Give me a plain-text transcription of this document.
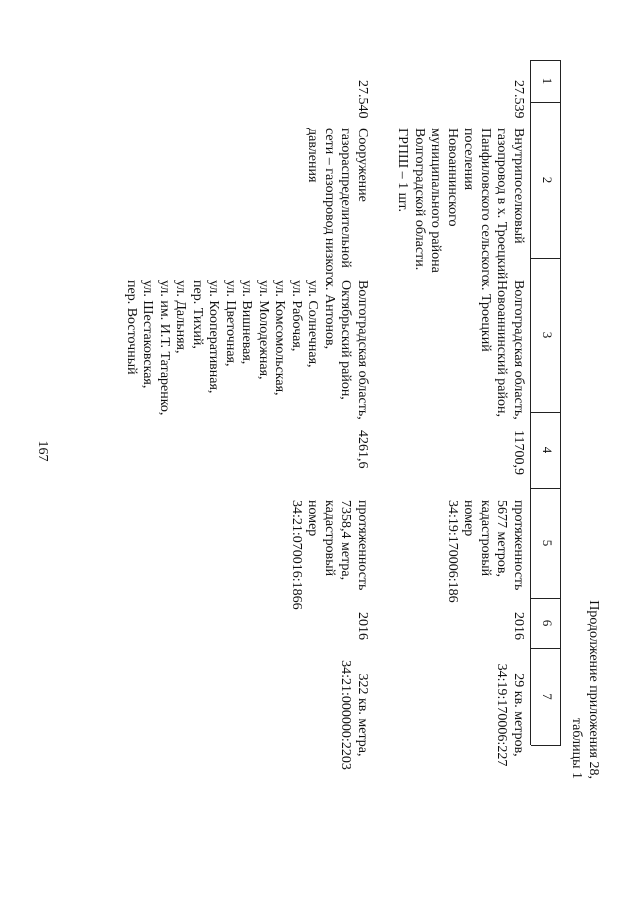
167
Продолжение приложения 28,
таблицы 1
1
2
3
4
5
6
7
27.539
Внутрипоселковый
газопровод в х. Троецкий
Панфиловского сельского
поселения
Новоаннинского
муниципального района
Волгоградской области.
ГРПШ – 1 шт.
Волгоградская область,
Новоаннинский район,
х. Троецкий
11700,9
протяженность
5677 метров,
кадастровый
номер
34:19:170006:186
2016
29 кв. метров,
34:19:170006:227
27.540
Сооружение
газораспределительной
сети – газопровод низкого
давления
Волгоградская область,
Октябрьский район,
х. Антонов,
ул. Солнечная,
ул. Рабочая,
ул. Комсомольская,
ул. Молодежная,
ул. Вишневая,
ул. Цветочная,
ул. Кооперативная,
пер. Тихий,
ул. Дальняя,
ул. им. И.Т. Татаренко,
ул. Шестаковская,
пер. Восточный
4261,6
протяженность
7358,4 метра,
кадастровый
номер
34:21:070016:1866
2016
322 кв. метра,
34:21:000000:2203
